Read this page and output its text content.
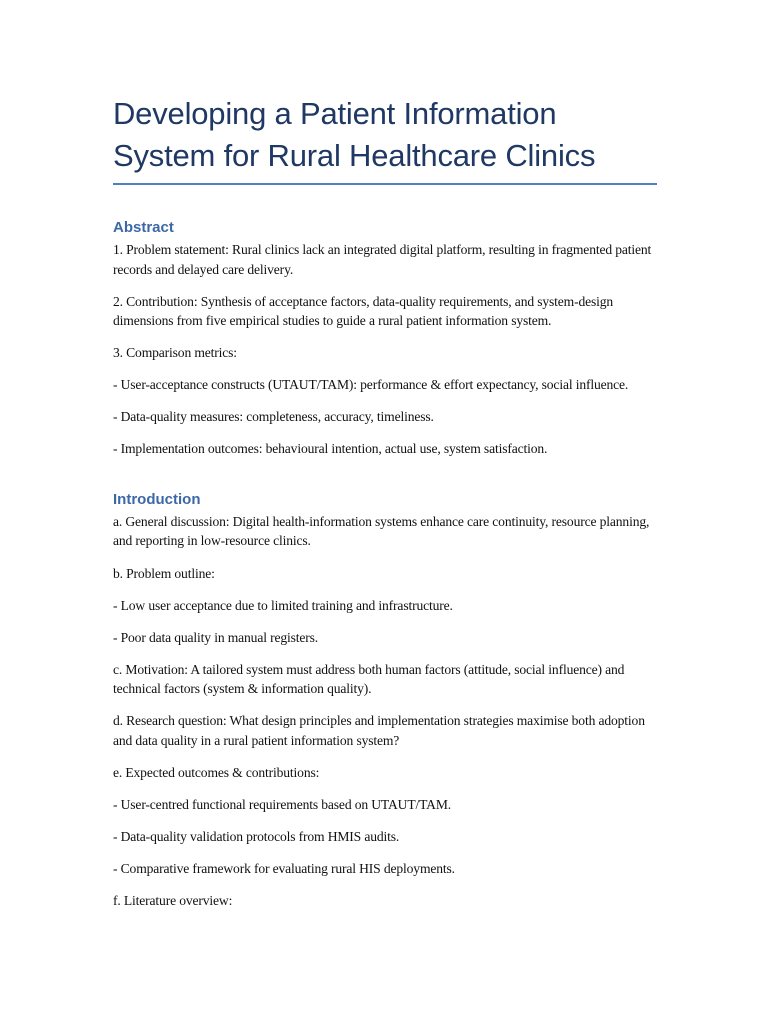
Developing a Patient Information System for Rural Healthcare Clinics
Abstract

1. Problem statement: Rural clinics lack an integrated digital platform, resulting in fragmented patient records and delayed care delivery.

2. Contribution: Synthesis of acceptance factors, data-quality requirements, and system-design dimensions from five empirical studies to guide a rural patient information system.

3. Comparison metrics:

- User-acceptance constructs (UTAUT/TAM): performance & effort expectancy, social influence.

- Data-quality measures: completeness, accuracy, timeliness.

- Implementation outcomes: behavioural intention, actual use, system satisfaction.

Introduction

a. General discussion: Digital health-information systems enhance care continuity, resource planning, and reporting in low-resource clinics.

b. Problem outline:

- Low user acceptance due to limited training and infrastructure.

- Poor data quality in manual registers.

c. Motivation: A tailored system must address both human factors (attitude, social influence) and technical factors (system & information quality).

d. Research question: What design principles and implementation strategies maximise both adoption and data quality in a rural patient information system?

e. Expected outcomes & contributions:

- User-centred functional requirements based on UTAUT/TAM.

- Data-quality validation protocols from HMIS audits.

- Comparative framework for evaluating rural HIS deployments.

f. Literature overview:
